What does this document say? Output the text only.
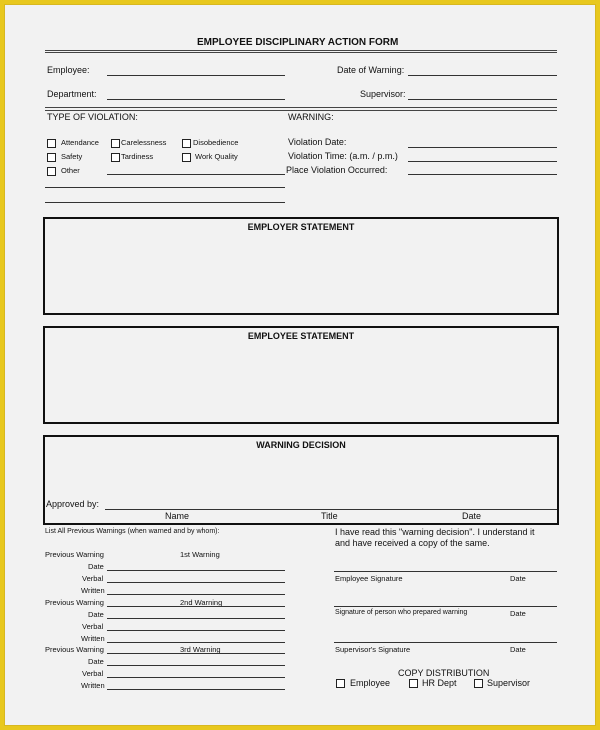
EMPLOYEE DISCIPLINARY ACTION FORM
Employee:	Date of Warning:
Department:	Supervisor:
TYPE OF VIOLATION:	WARNING:
Attendance	Carelessness	Disobedience
Safety	Tardiness	Work Quality
Other
Violation Date:
Violation Time: (a.m. / p.m.)
Place Violation Occurred:
EMPLOYER STATEMENT
EMPLOYEE STATEMENT
WARNING DECISION
Approved by:
Name	Title	Date
List All Previous Warnings (when warned and by whom):
Previous Warning	1st Warning
Date
Verbal
Written
Previous Warning	2nd Warning
Date
Verbal
Written
Previous Warning	3rd Warning
Date
Verbal
Written
I have read this "warning decision". I understand it
and have received a copy of the same.
Employee Signature	Date
Signature of person who prepared warning	Date
Supervisor's Signature	Date
COPY DISTRIBUTION
Employee	HR Dept	Supervisor
